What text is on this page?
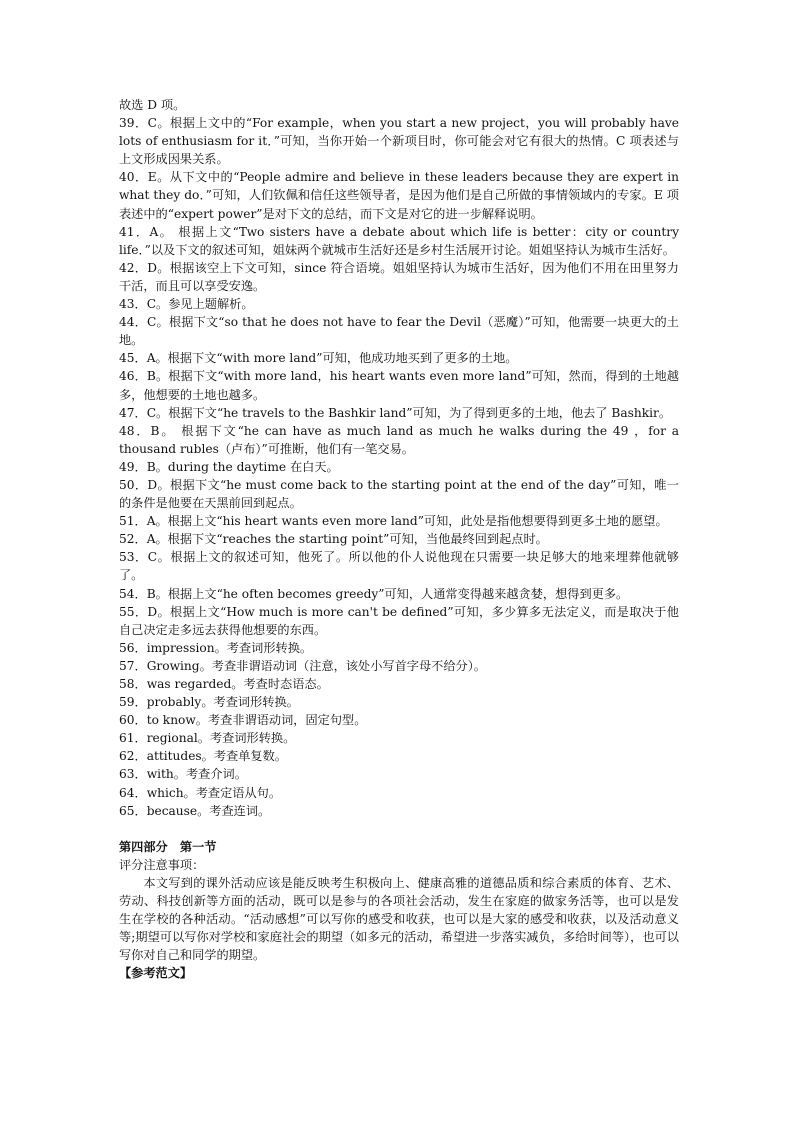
故选 D 项。

39．C。根据上文中的“For example，when you start a new project，you will probably have lots of enthusiasm for it．”可知，当你开始一个新项目时，你可能会对它有很大的热情。C 项表述与上文形成因果关系。

40．E。从下文中的“People admire and believe in these leaders because they are expert in what they do．”可知，人们钦佩和信任这些领导者，是因为他们是自己所做的事情领域内的专家。E 项表述中的“expert power”是对下文的总结，而下文是对它的进一步解释说明。

41．A。 根据上文“Two sisters have a debate about which life is better：city or country life．”以及下文的叙述可知，姐妹两个就城市生活好还是乡村生活展开讨论。姐姐坚持认为城市生活好。

42．D。根据该空上下文可知，since 符合语境。姐姐坚持认为城市生活好，因为他们不用在田里努力干活，而且可以享受安逸。

43．C。参见上题解析。

44．C。根据下文“so that he does not have to fear the Devil（恶魔）”可知，他需要一块更大的土地。

45．A。根据下文“with more land”可知，他成功地买到了更多的土地。

46．B。根据下文“with more land，his heart wants even more land”可知，然而，得到的土地越多，他想要的土地也越多。

47．C。根据下文“he travels to the Bashkir land”可知，为了得到更多的土地，他去了 Bashkir。

48．B。 根据下文“he can have as much land as much he walks during the 49 ，for a thousand rubles（卢布）”可推断，他们有一笔交易。

49．B。during the daytime 在白天。

50．D。根据下文“he must come back to the starting point at the end of the day”可知，唯一的条件是他要在天黑前回到起点。

51．A。根据上文“his heart wants even more land”可知，此处是指他想要得到更多土地的愿望。

52．A。根据下文“reaches the starting point”可知，当他最终回到起点时。

53．C。根据上文的叙述可知，他死了。所以他的仆人说他现在只需要一块足够大的地来埋葬他就够了。

54．B。根据上文“he often becomes greedy”可知，人通常变得越来越贪婪，想得到更多。

55．D。根据上文“How much is more can't be defined”可知，多少算多无法定义，而是取决于他自己决定走多远去获得他想要的东西。

56．impression。考查词形转换。

57．Growing。考查非谓语动词（注意，该处小写首字母不给分）。

58．was regarded。考查时态语态。

59．probably。考查词形转换。

60．to know。考查非谓语动词，固定句型。

61．regional。考查词形转换。

62．attitudes。考查单复数。

63．with。考查介词。

64．which。考查定语从句。

65．because。考查连词。

第四部分　第一节

评分注意事项：

本文写到的课外活动应该是能反映考生积极向上、健康高雅的道德品质和综合素质的体育、艺术、劳动、科技创新等方面的活动，既可以是参与的各项社会活动，发生在家庭的做家务活等，也可以是发生在学校的各种活动。“活动感想”可以写你的感受和收获，也可以是大家的感受和收获，以及活动意义等;期望可以写你对学校和家庭社会的期望（如多元的活动，希望进一步落实减负，多给时间等），也可以写你对自己和同学的期望。

【参考范文】
